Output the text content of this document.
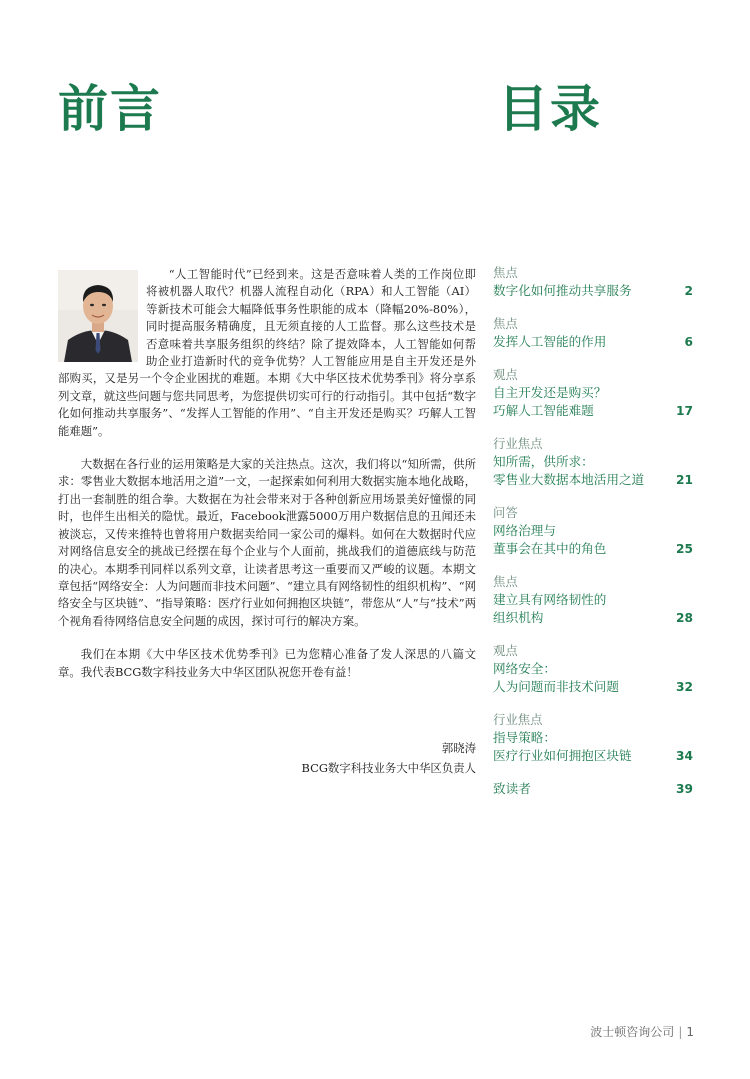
前言	目录

“人工智能时代”已经到来。这是否意味着人类的工作岗位即将被机器人取代？机器人流程自动化（RPA）和人工智能（AI）等新技术可能会大幅降低事务性职能的成本（降幅20%-80%），同时提高服务精确度，且无须直接的人工监督。那么这些技术是否意味着共享服务组织的终结？除了提效降本，人工智能如何帮助企业打造新时代的竞争优势？人工智能应用是自主开发还是外部购买，又是另一个令企业困扰的难题。本期《大中华区技术优势季刊》将分享系列文章，就这些问题与您共同思考，为您提供切实可行的行动指引。其中包括“数字化如何推动共享服务”、“发挥人工智能的作用”、“自主开发还是购买？巧解人工智能难题”。

大数据在各行业的运用策略是大家的关注热点。这次，我们将以“知所需，供所求：零售业大数据本地活用之道”一文，一起探索如何利用大数据实施本地化战略，打出一套制胜的组合拳。大数据在为社会带来对于各种创新应用场景美好憧憬的同时，也伴生出相关的隐忧。最近，Facebook泄露5000万用户数据信息的丑闻还未被淡忘，又传来推特也曾将用户数据卖给同一家公司的爆料。如何在大数据时代应对网络信息安全的挑战已经摆在每个企业与个人面前，挑战我们的道德底线与防范的决心。本期季刊同样以系列文章，让读者思考这一重要而又严峻的议题。本期文章包括“网络安全：人为问题而非技术问题”、“建立具有网络韧性的组织机构”、“网络安全与区块链”、“指导策略：医疗行业如何拥抱区块链”，带您从“人”与“技术”两个视角看待网络信息安全问题的成因，探讨可行的解决方案。

我们在本期《大中华区技术优势季刊》已为您精心准备了发人深思的八篇文章。我代表BCG数字科技业务大中华区团队祝您开卷有益！

郭晓涛
BCG数字科技业务大中华区负责人
焦点
数字化如何推动共享服务	2
焦点
发挥人工智能的作用	6
观点
自主开发还是购买？
巧解人工智能难题	17
行业焦点
知所需，供所求：
零售业大数据本地活用之道	21
问答
网络治理与
董事会在其中的角色	25
焦点
建立具有网络韧性的
组织机构	28
观点
网络安全：
人为问题而非技术问题	32
行业焦点
指导策略：
医疗行业如何拥抱区块链	34
致读者	39
波士顿咨询公司 | 1
